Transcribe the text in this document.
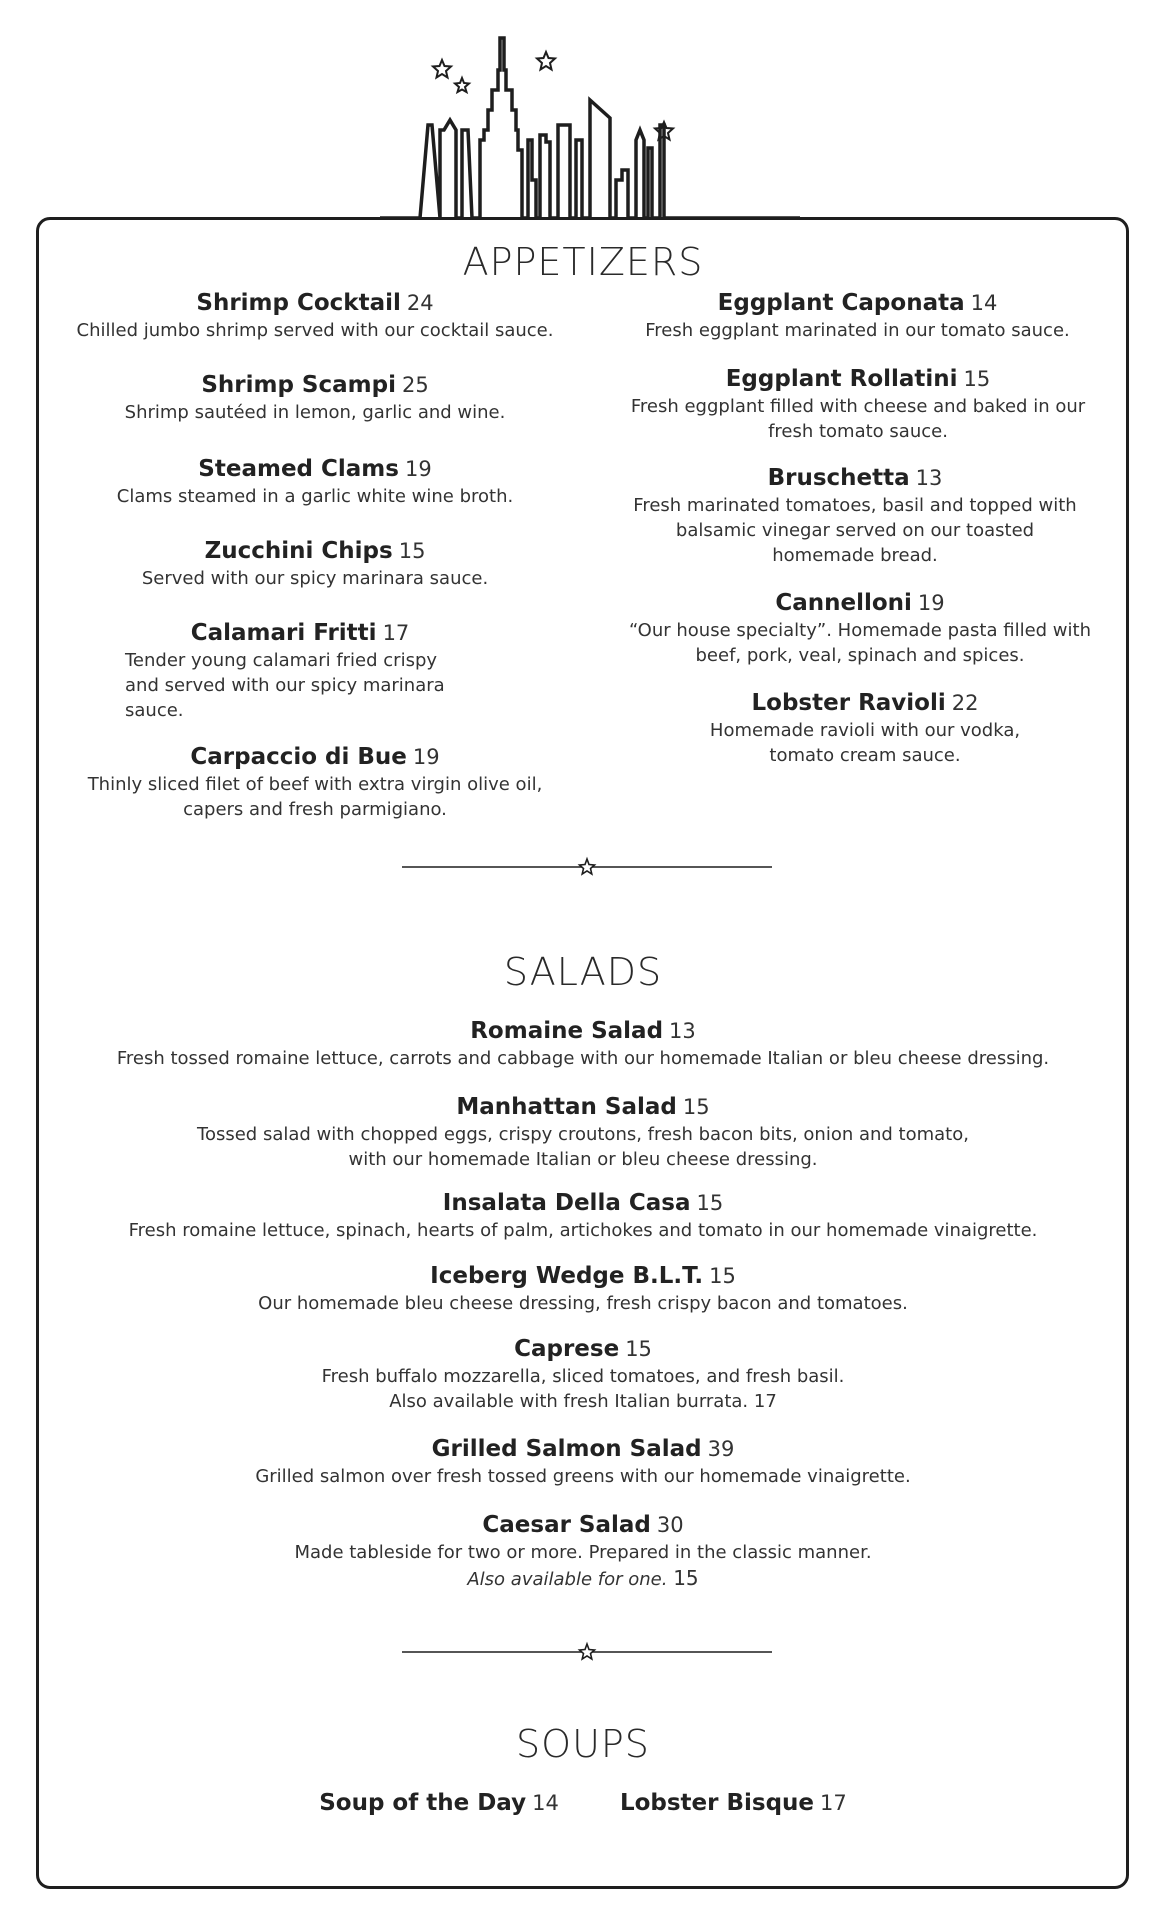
APPETIZERS
Shrimp Cocktail 24
Chilled jumbo shrimp served with our cocktail sauce.
Shrimp Scampi 25
Shrimp sautéed in lemon, garlic and wine.
Steamed Clams 19
Clams steamed in a garlic white wine broth.
Zucchini Chips 15
Served with our spicy marinara sauce.
Calamari Fritti 17
Tender young calamari fried crispy and served with our spicy marinara sauce.
Carpaccio di Bue 19
Thinly sliced filet of beef with extra virgin olive oil, capers and fresh parmigiano.
Eggplant Caponata 14
Fresh eggplant marinated in our tomato sauce.
Eggplant Rollatini 15
Fresh eggplant filled with cheese and baked in our fresh tomato sauce.
Bruschetta 13
Fresh marinated tomatoes, basil and topped with balsamic vinegar served on our toasted homemade bread.
Cannelloni 19
“Our house specialty”. Homemade pasta filled with beef, pork, veal, spinach and spices.
Lobster Ravioli 22
Homemade ravioli with our vodka, tomato cream sauce.
SALADS
Romaine Salad 13
Fresh tossed romaine lettuce, carrots and cabbage with our homemade Italian or bleu cheese dressing.
Manhattan Salad 15
Tossed salad with chopped eggs, crispy croutons, fresh bacon bits, onion and tomato, with our homemade Italian or bleu cheese dressing.
Insalata Della Casa 15
Fresh romaine lettuce, spinach, hearts of palm, artichokes and tomato in our homemade vinaigrette.
Iceberg Wedge B.L.T. 15
Our homemade bleu cheese dressing, fresh crispy bacon and tomatoes.
Caprese 15
Fresh buffalo mozzarella, sliced tomatoes, and fresh basil.
Also available with fresh Italian burrata. 17
Grilled Salmon Salad 39
Grilled salmon over fresh tossed greens with our homemade vinaigrette.
Caesar Salad 30
Made tableside for two or more. Prepared in the classic manner.
Also available for one. 15
SOUPS
Soup of the Day 14	Lobster Bisque 17
